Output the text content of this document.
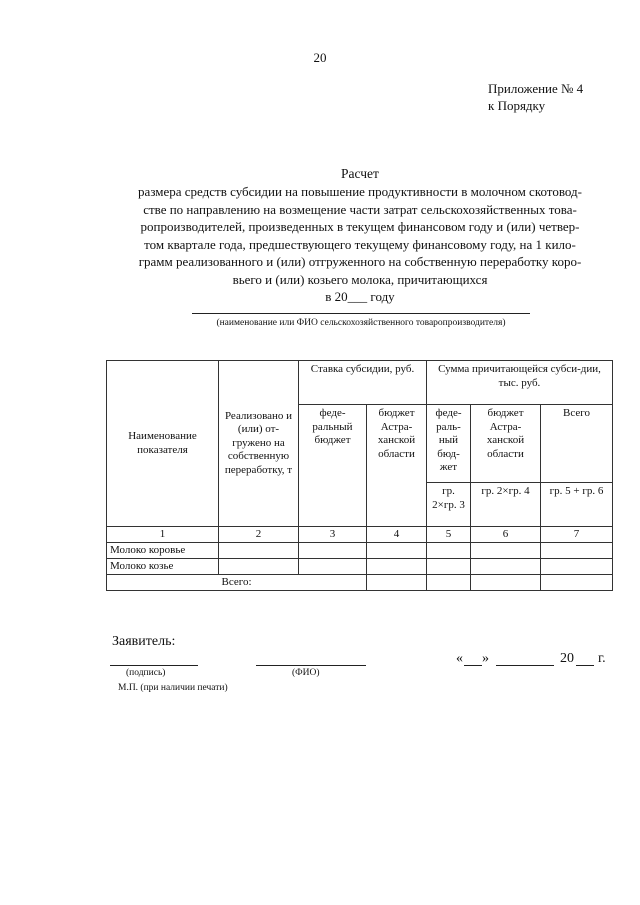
20
Приложение № 4
к Порядку
Расчет
размера средств субсидии на повышение продуктивности в молочном скотовод-
стве по направлению на возмещение части затрат сельскохозяйственных това-
ропроизводителей, произведенных в текущем финансовом году и (или) четвер-
том квартале года, предшествующего текущему финансовому году, на 1 кило-
грамм реализованного и (или) отгруженного на собственную переработку коро-
вьего и (или) козьего молока, причитающихся
в 20___ году
(наименование или ФИО сельскохозяйственного товаропроизводителя)
Наименование показателя	Реализовано и (или) от-гружено на собственную переработку, т	Ставка субсидии, руб.		Сумма причитающейся субси-дии, тыс. руб.		
		феде-ральный бюджет	бюджет Астра-ханской области	феде-раль-ный бюд-жет	бюджет Астра-ханской области	Всего
				гр. 2×гр. 3	гр. 2×гр. 4	гр. 5 + гр. 6
1	2	3	4	5	6	7
Молоко коровье						
Молоко козье						
Всего:						
Заявитель:
(подпись)	(ФИО)
М.П. (при наличии печати)
« »	20 г.
